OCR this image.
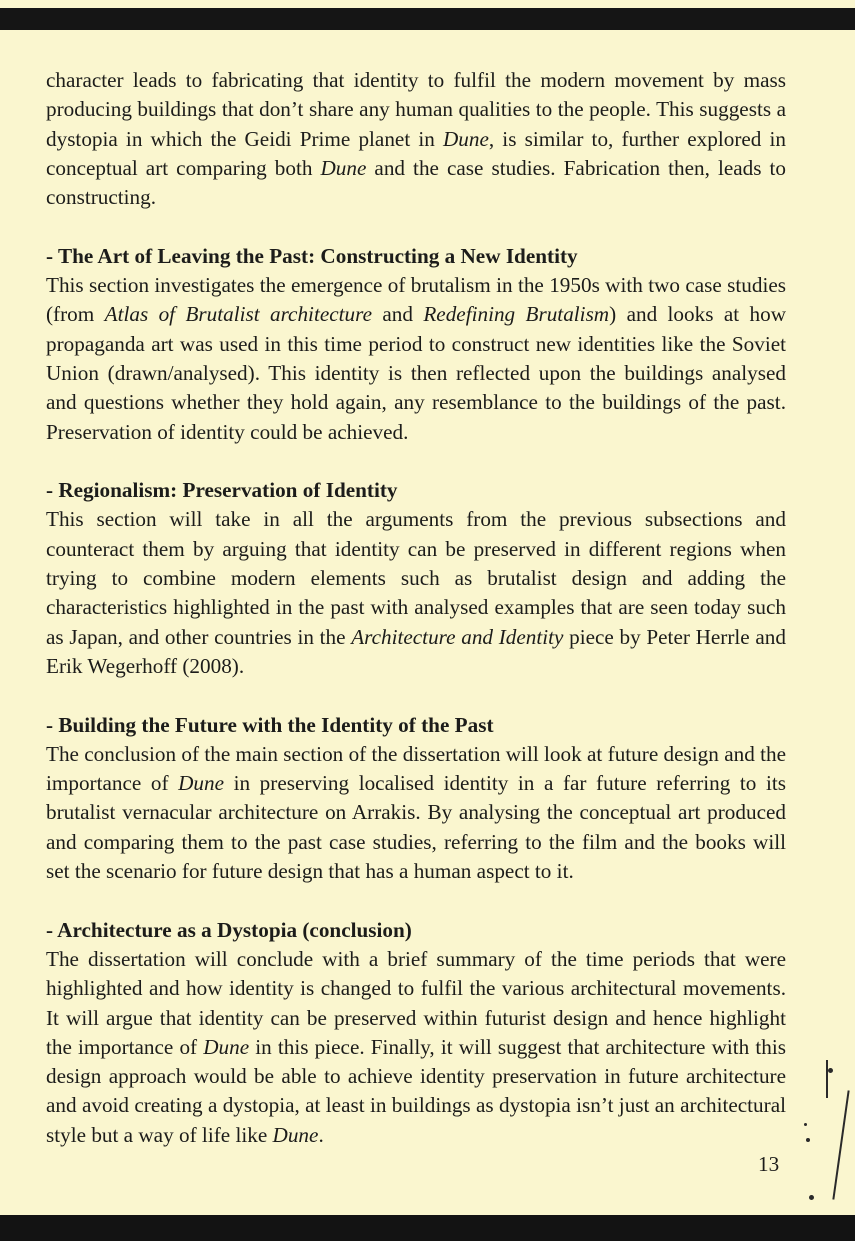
character leads to fabricating that identity to fulfil the modern movement by mass producing buildings that don’t share any human qualities to the people. This suggests a dystopia in which the Geidi Prime planet in Dune, is similar to, further explored in conceptual art comparing both Dune and the case studies. Fabrication then, leads to constructing.

- The Art of Leaving the Past: Constructing a New Identity

This section investigates the emergence of brutalism in the 1950s with two case studies (from Atlas of Brutalist architecture and Redefining Brutalism) and looks at how propaganda art was used in this time period to construct new identities like the Soviet Union (drawn/analysed). This identity is then reflected upon the buildings analysed and questions whether they hold again, any resemblance to the buildings of the past. Preservation of identity could be achieved.

- Regionalism: Preservation of Identity

This section will take in all the arguments from the previous subsections and counteract them by arguing that identity can be preserved in different regions when trying to combine modern elements such as brutalist design and adding the characteristics highlighted in the past with analysed examples that are seen today such as Japan, and other countries in the Architecture and Identity piece by Peter Herrle and Erik Wegerhoff (2008).

- Building the Future with the Identity of the Past

The conclusion of the main section of the dissertation will look at future design and the importance of Dune in preserving localised identity in a far future referring to its brutalist vernacular architecture on Arrakis. By analysing the conceptual art produced and comparing them to the past case studies, referring to the film and the books will set the scenario for future design that has a human aspect to it.

- Architecture as a Dystopia (conclusion)

The dissertation will conclude with a brief summary of the time periods that were highlighted and how identity is changed to fulfil the various architectural movements. It will argue that identity can be preserved within futurist design and hence highlight the importance of Dune in this piece. Finally, it will suggest that architecture with this design approach would be able to achieve identity preservation in future architecture and avoid creating a dystopia, at least in buildings as dystopia isn’t just an architectural style but a way of life like Dune.

13
